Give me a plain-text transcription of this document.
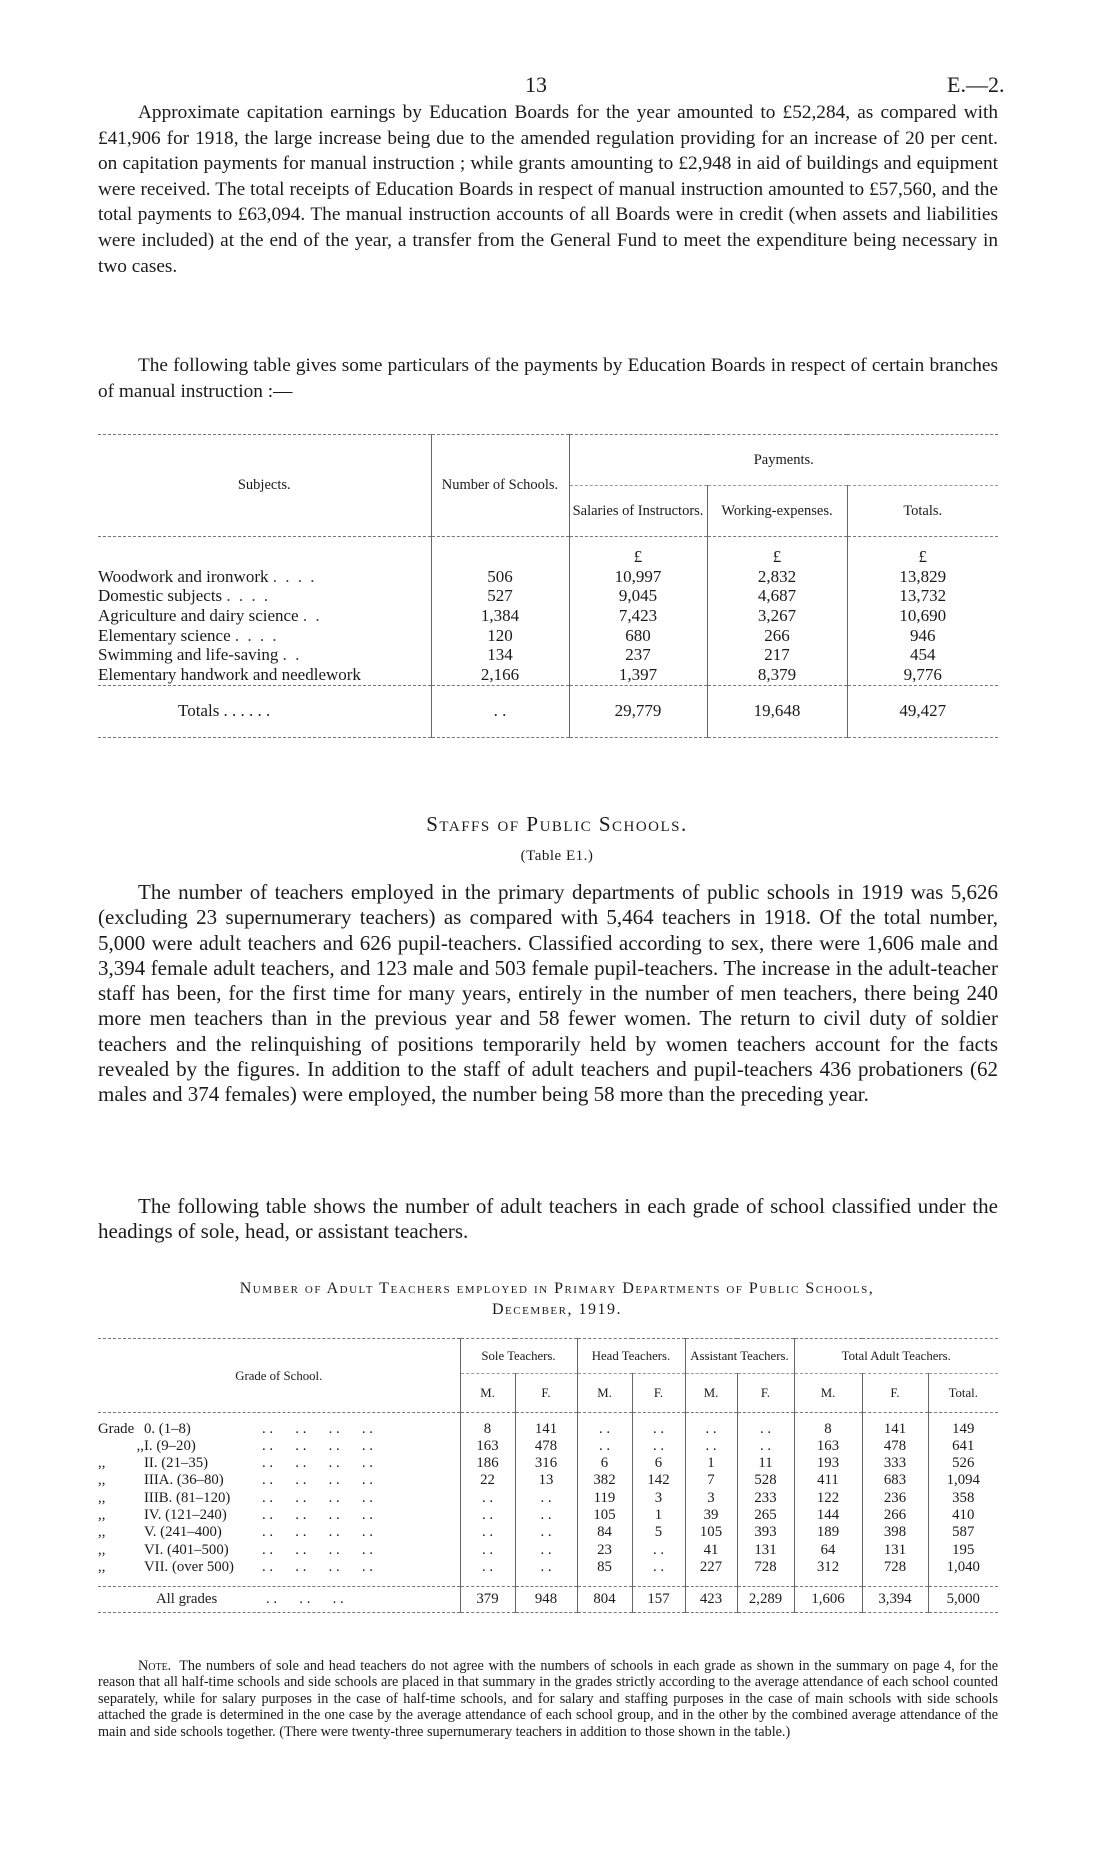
13	E.—2.

Approximate capitation earnings by Education Boards for the year amounted to £52,284, as compared with £41,906 for 1918, the large increase being due to the amended regulation providing for an increase of 20 per cent. on capitation payments for manual instruction ; while grants amounting to £2,948 in aid of buildings and equipment were received. The total receipts of Education Boards in respect of manual instruction amounted to £57,560, and the total payments to £63,094. The manual instruction accounts of all Boards were in credit (when assets and liabilities were included) at the end of the year, a transfer from the General Fund to meet the expenditure being necessary in two cases.

The following table gives some particulars of the payments by Education Boards in respect of certain branches of manual instruction :—

Subjects.	Number of Schools.	Payments.		
		Salaries of Instructors.	Working-expenses.	Totals.
		£	£	£
Woodwork and ironwork . . . .	506	10,997	2,832	13,829
Domestic subjects . . . .	527	9,045	4,687	13,732
Agriculture and dairy science . .	1,384	7,423	3,267	10,690
Elementary science . . . .	120	680	266	946
Swimming and life-saving . .	134	237	217	454
Elementary handwork and needlework	2,166	1,397	8,379	9,776
Totals . . . . . .	. .	29,779	19,648	49,427
Staffs of Public Schools.
(Table E1.)

The number of teachers employed in the primary departments of public schools in 1919 was 5,626 (excluding 23 supernumerary teachers) as compared with 5,464 teachers in 1918. Of the total number, 5,000 were adult teachers and 626 pupil-teachers. Classified according to sex, there were 1,606 male and 3,394 female adult teachers, and 123 male and 503 female pupil-teachers. The increase in the adult-teacher staff has been, for the first time for many years, entirely in the number of men teachers, there being 240 more men teachers than in the previous year and 58 fewer women. The return to civil duty of soldier teachers and the relinquishing of positions temporarily held by women teachers account for the facts revealed by the figures. In addition to the staff of adult teachers and pupil-teachers 436 probationers (62 males and 374 females) were employed, the number being 58 more than the preceding year.

The following table shows the number of adult teachers in each grade of school classified under the headings of sole, head, or assistant teachers.

Number of Adult Teachers employed in Primary Departments of Public Schools,
December, 1919.
Grade of School.	Sole Teachers.		Head Teachers.		Assistant Teachers.		Total Adult Teachers.		
	M.	F.	M.	F.	M.	F.	M.	F.	Total.

Grade 0. (1–8) . .      . .      . .      . .	8	141	. .	. .	. .	. .	8	141	149
,,I. (9–20) . .      . .      . .      . .	163	478	. .	. .	. .	. .	163	478	641
,, II. (21–35) . .      . .      . .      . .	186	316	6	6	1	11	193	333	526
,, IIIA. (36–80) . .      . .      . .      . .	22	13	382	142	7	528	411	683	1,094
,, IIIB. (81–120) . .      . .      . .      . .	. .	. .	119	3	3	233	122	236	358
,, IV. (121–240) . .      . .      . .      . .	. .	. .	105	1	39	265	144	266	410
,, V. (241–400) . .      . .      . .      . .	. .	. .	84	5	105	393	189	398	587
,, VI. (401–500) . .      . .      . .      . .	. .	. .	23	. .	41	131	64	131	195
,, VII. (over 500) . .      . .      . .      . .	. .	. .	85	. .	227	728	312	728	1,040

All grades . .      . .      . .	379	948	804	157	423	2,289	1,606	3,394	5,000

Note. The numbers of sole and head teachers do not agree with the numbers of schools in each grade as shown in the summary on page 4, for the reason that all half-time schools and side schools are placed in that summary in the grades strictly according to the average attendance of each school counted separately, while for salary purposes in the case of half-time schools, and for salary and staffing purposes in the case of main schools with side schools attached the grade is determined in the one case by the average attendance of each school group, and in the other by the combined average attendance of the main and side schools together. (There were twenty-three supernumerary teachers in addition to those shown in the table.)
